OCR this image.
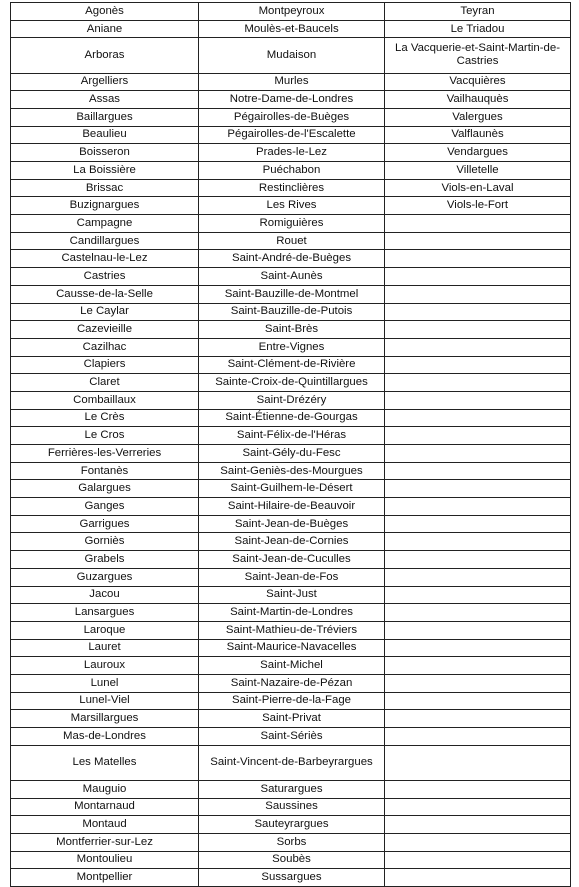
Agonès	Montpeyroux	Teyran
Aniane	Moulès-et-Baucels	Le Triadou
Arboras	Mudaison	La Vacquerie-et-Saint-Martin-de-Castries
Argelliers	Murles	Vacquières
Assas	Notre-Dame-de-Londres	Vailhauquès
Baillargues	Pégairolles-de-Buèges	Valergues
Beaulieu	Pégairolles-de-l'Escalette	Valflaunès
Boisseron	Prades-le-Lez	Vendargues
La Boissière	Puéchabon	Villetelle
Brissac	Restinclières	Viols-en-Laval
Buzignargues	Les Rives	Viols-le-Fort
Campagne	Romiguières	
Candillargues	Rouet	
Castelnau-le-Lez	Saint-André-de-Buèges	
Castries	Saint-Aunès	
Causse-de-la-Selle	Saint-Bauzille-de-Montmel	
Le Caylar	Saint-Bauzille-de-Putois	
Cazevieille	Saint-Brès	
Cazilhac	Entre-Vignes	
Clapiers	Saint-Clément-de-Rivière	
Claret	Sainte-Croix-de-Quintillargues	
Combaillaux	Saint-Drézéry	
Le Crès	Saint-Étienne-de-Gourgas	
Le Cros	Saint-Félix-de-l'Héras	
Ferrières-les-Verreries	Saint-Gély-du-Fesc	
Fontanès	Saint-Geniès-des-Mourgues	
Galargues	Saint-Guilhem-le-Désert	
Ganges	Saint-Hilaire-de-Beauvoir	
Garrigues	Saint-Jean-de-Buèges	
Gorniès	Saint-Jean-de-Cornies	
Grabels	Saint-Jean-de-Cuculles	
Guzargues	Saint-Jean-de-Fos	
Jacou	Saint-Just	
Lansargues	Saint-Martin-de-Londres	
Laroque	Saint-Mathieu-de-Tréviers	
Lauret	Saint-Maurice-Navacelles	
Lauroux	Saint-Michel	
Lunel	Saint-Nazaire-de-Pézan	
Lunel-Viel	Saint-Pierre-de-la-Fage	
Marsillargues	Saint-Privat	
Mas-de-Londres	Saint-Sériès	
Les Matelles	Saint-Vincent-de-Barbeyrargues	
Mauguio	Saturargues	
Montarnaud	Saussines	
Montaud	Sauteyrargues	
Montferrier-sur-Lez	Sorbs	
Montoulieu	Soubès	
Montpellier	Sussargues	
